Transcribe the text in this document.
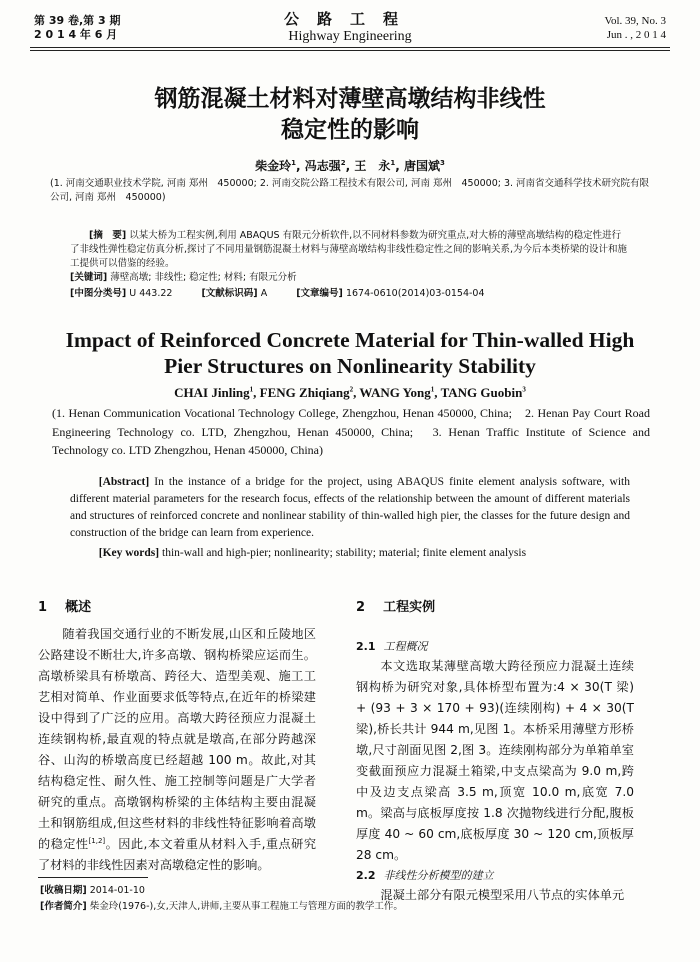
第 39 卷,第 3 期
2 0 1 4 年 6 月
公路工程
Highway Engineering
Vol. 39, No. 3
Jun . , 2 0 1 4
钢筋混凝土材料对薄壁高墩结构非线性
稳定性的影响
柴金玲$^1$, 冯志强$^2$, 王　永$^1$, 唐国斌$^3$
(1. 河南交通职业技术学院, 河南 郑州　450000; 2. 河南交院公路工程技术有限公司, 河南 郑州　450000; 3. 河南省交通科学技术研究院有限公司, 河南 郑州　450000)
[摘　要] 以某大桥为工程实例,利用 ABAQUS 有限元分析软件,以不同材料参数为研究重点,对大桥的薄壁高墩结构的稳定性进行了非线性弹性稳定仿真分析,探讨了不同用量钢筋混凝土材料与薄壁高墩结构非线性稳定性之间的影响关系,为今后本类桥梁的设计和施工提供可以借鉴的经验。
[关键词] 薄壁高墩; 非线性; 稳定性; 材料; 有限元分析
[中图分类号] U 443.22	[文献标识码] A	[文章编号] 1674-0610(2014)03-0154-04
Impact of Reinforced Concrete Material for Thin-walled High
Pier Structures on Nonlinearity Stability
CHAI Jinling$^1$, FENG Zhiqiang$^2$, WANG Yong$^1$, TANG Guobin$^3$
(1. Henan Communication Vocational Technology College, Zhengzhou, Henan 450000, China;　2. Henan Pay Court Road Engineering Technology co. LTD, Zhengzhou, Henan 450000, China;　3. Henan Traffic Institute of Science and Technology co. LTD Zhengzhou, Henan 450000, China)
[Abstract] In the instance of a bridge for the project, using ABAQUS finite element analysis software, with different material parameters for the research focus, effects of the relationship between the amount of different materials and structures of reinforced concrete and nonlinear stability of thin-walled high pier, the classes for the future design and construction of the bridge can learn from experience.
[Key words] thin-wall and high-pier; nonlinearity; stability; material; finite element analysis
1 概述	2 工程实例

随着我国交通行业的不断发展,山区和丘陵地区公路建设不断壮大,许多高墩、钢构桥梁应运而生。高墩桥梁具有桥墩高、跨径大、造型美观、施工工艺相对简单、作业面要求低等特点,在近年的桥梁建设中得到了广泛的应用。高墩大跨径预应力混凝土连续钢构桥,最直观的特点就是墩高,在部分跨越深谷、山沟的桥墩高度已经超越 100 m。故此,对其结构稳定性、耐久性、施工控制等问题是广大学者研究的重点。高墩钢构桥梁的主体结构主要由混凝土和钢筋组成,但这些材料的非线性特征影响着高墩的稳定性[1,2]。因此,本文着重从材料入手,重点研究了材料的非线性因素对高墩稳定性的影响。

2.1 工程概况

本文选取某薄壁高墩大跨径预应力混凝土连续钢构桥为研究对象,具体桥型布置为:4 × 30(T 梁) + (93 + 3 × 170 + 93)(连续刚构) + 4 × 30(T 梁),桥长共计 944 m,见图 1。本桥采用薄壁方形桥墩,尺寸剖面见图 2,图 3。连续刚构部分为单箱单室变截面预应力混凝土箱梁,中支点梁高为 9.0 m,跨中及边支点梁高 3.5 m,顶宽 10.0 m,底宽 7.0 m。梁高与底板厚度按 1.8 次抛物线进行分配,腹板厚度 40 ~ 60 cm,底板厚度 30 ~ 120 cm,顶板厚 28 cm。

2.2 非线性分析模型的建立

混凝土部分有限元模型采用八节点的实体单元

[收稿日期] 2014-01-10
[作者简介] 柴金玲(1976-),女,天津人,讲师,主要从事工程施工与管理方面的教学工作。
